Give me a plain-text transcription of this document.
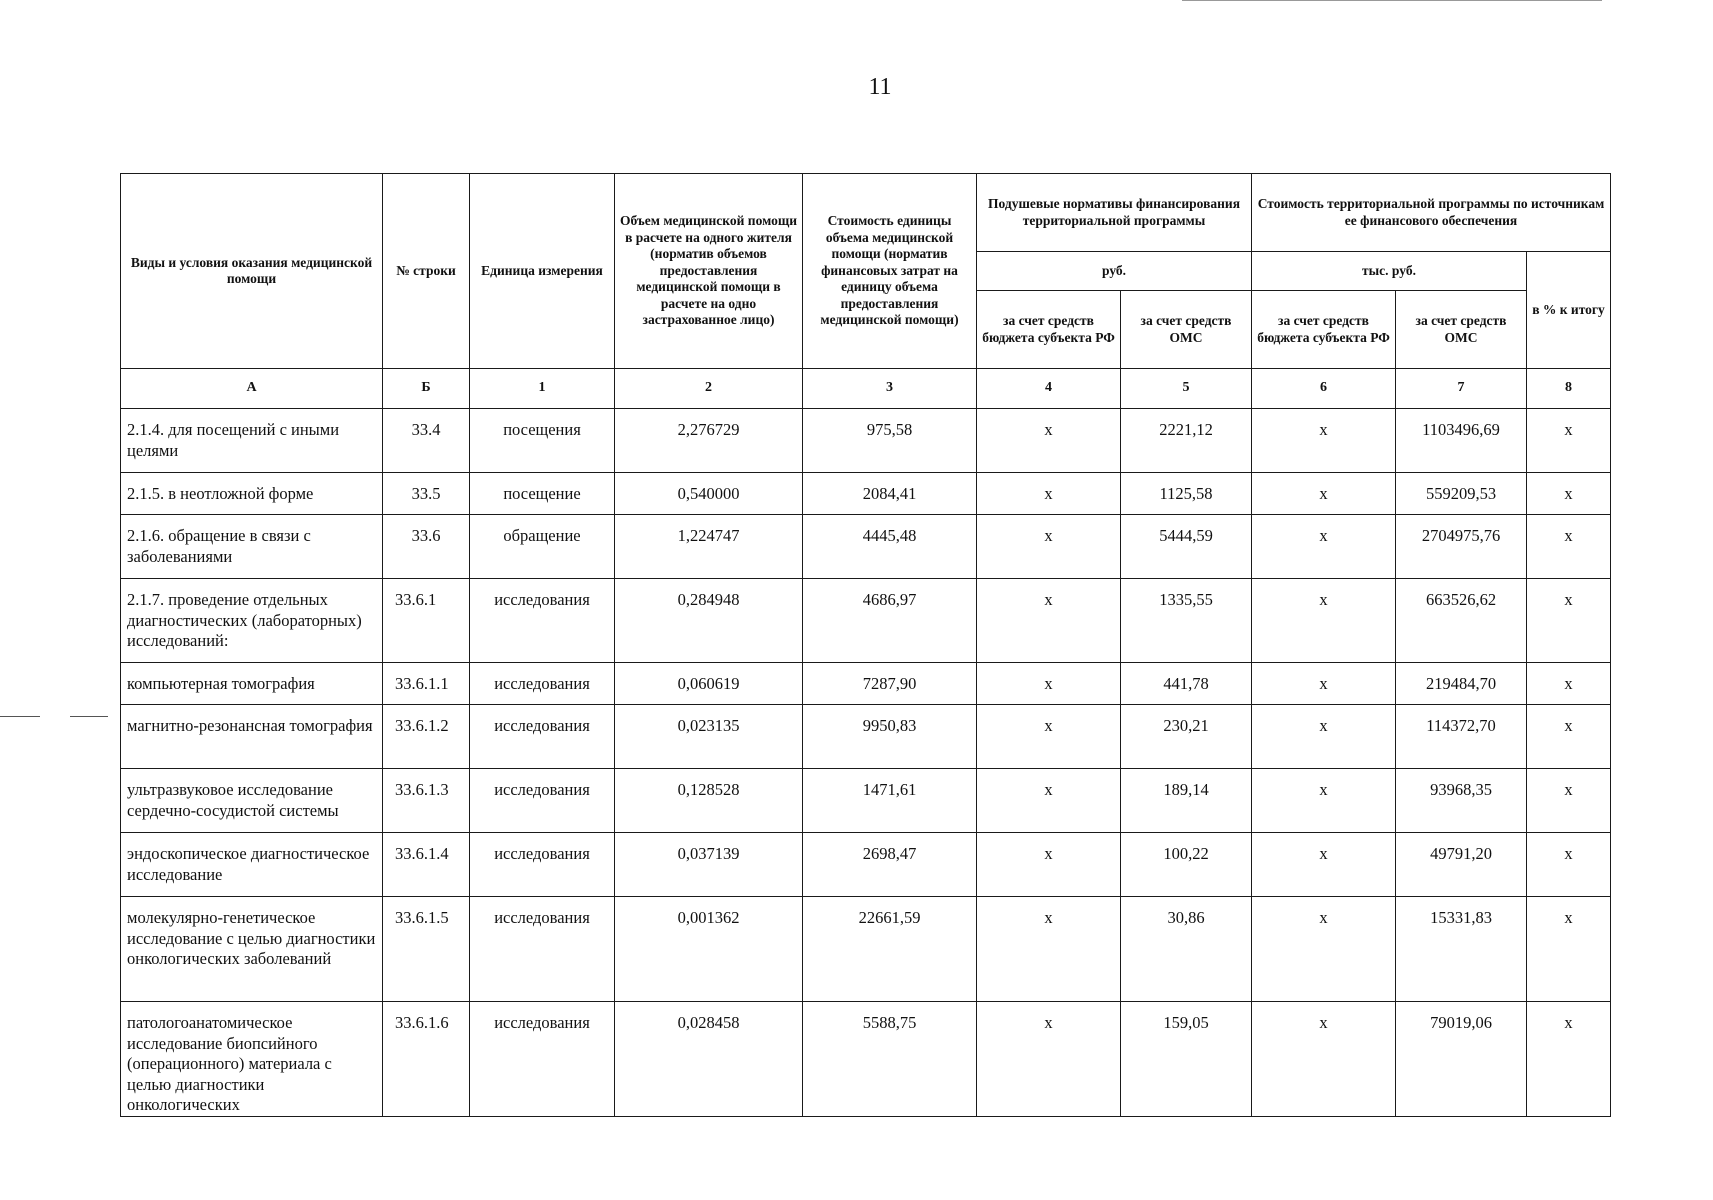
11
Виды и условия оказания медицинской помощи	№ строки	Единица измерения	Объем медицинской помощи в расчете на одного жителя (норматив объемов предоставления медицинской помощи в расчете на одно застрахованное лицо)	Стоимость единицы объема медицинской помощи (норматив финансовых затрат на единицу объема предоставления медицинской помощи)	Подушевые нормативы финансирования территориальной программы		Стоимость территориальной программы по источникам ее финансового обеспечения		
					руб.		тыс. руб.		в % к итогу
					за счет средств бюджета субъекта РФ	за счет средств ОМС	за счет средств бюджета субъекта РФ	за счет средств ОМС	
А	Б	1	2	3	4	5	6	7	8
2.1.4. для посещений с иными целями	33.4	посещения	2,276729	975,58	x	2221,12	x	1103496,69	x
2.1.5. в неотложной форме	33.5	посещение	0,540000	2084,41	x	1125,58	x	559209,53	x
2.1.6. обращение в связи с заболеваниями	33.6	обращение	1,224747	4445,48	x	5444,59	x	2704975,76	x
2.1.7. проведение отдельных диагностических (лабораторных) исследований:	33.6.1	исследования	0,284948	4686,97	x	1335,55	x	663526,62	x
компьютерная томография	33.6.1.1	исследования	0,060619	7287,90	x	441,78	x	219484,70	x
магнитно-резонансная томография	33.6.1.2	исследования	0,023135	9950,83	x	230,21	x	114372,70	x
ультразвуковое исследование сердечно-сосудистой системы	33.6.1.3	исследования	0,128528	1471,61	x	189,14	x	93968,35	x
эндоскопическое диагностическое исследование	33.6.1.4	исследования	0,037139	2698,47	x	100,22	x	49791,20	x
молекулярно-генетическое исследование с целью диагностики онкологических заболеваний	33.6.1.5	исследования	0,001362	22661,59	x	30,86	x	15331,83	x
патологоанатомическое исследование биопсийного (операционного) материала с целью диагностики онкологических	33.6.1.6	исследования	0,028458	5588,75	x	159,05	x	79019,06	x
